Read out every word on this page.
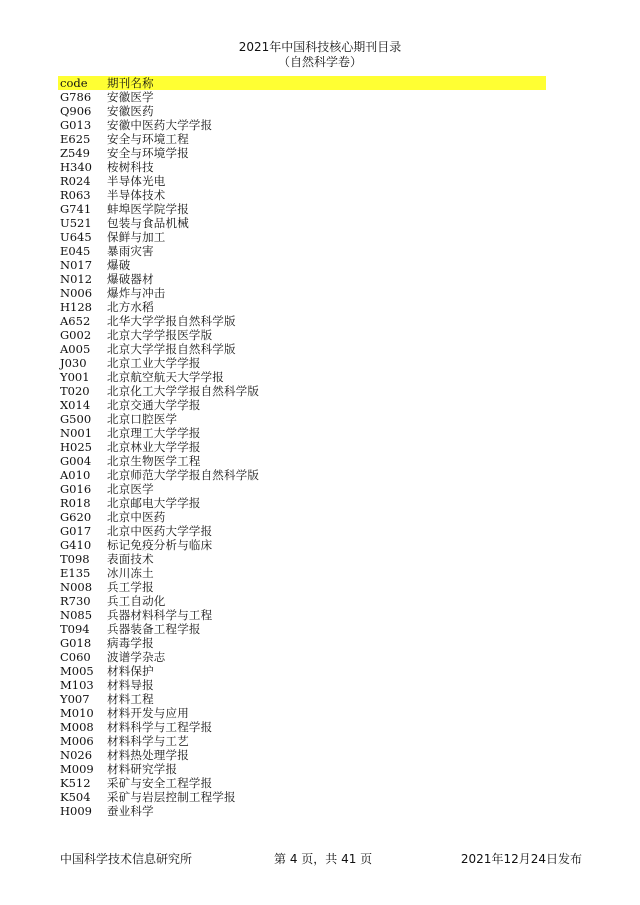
2021年中国科技核心期刊目录
（自然科学卷）
code	期刊名称
G786	安徽医学
Q906	安徽医药
G013	安徽中医药大学学报
E625	安全与环境工程
Z549	安全与环境学报
H340	桉树科技
R024	半导体光电
R063	半导体技术
G741	蚌埠医学院学报
U521	包装与食品机械
U645	保鲜与加工
E045	暴雨灾害
N017	爆破
N012	爆破器材
N006	爆炸与冲击
H128	北方水稻
A652	北华大学学报自然科学版
G002	北京大学学报医学版
A005	北京大学学报自然科学版
J030	北京工业大学学报
Y001	北京航空航天大学学报
T020	北京化工大学学报自然科学版
X014	北京交通大学学报
G500	北京口腔医学
N001	北京理工大学学报
H025	北京林业大学学报
G004	北京生物医学工程
A010	北京师范大学学报自然科学版
G016	北京医学
R018	北京邮电大学学报
G620	北京中医药
G017	北京中医药大学学报
G410	标记免疫分析与临床
T098	表面技术
E135	冰川冻土
N008	兵工学报
R730	兵工自动化
N085	兵器材料科学与工程
T094	兵器装备工程学报
G018	病毒学报
C060	波谱学杂志
M005	材料保护
M103	材料导报
Y007	材料工程
M010	材料开发与应用
M008	材料科学与工程学报
M006	材料科学与工艺
N026	材料热处理学报
M009	材料研究学报
K512	采矿与安全工程学报
K504	采矿与岩层控制工程学报
H009	蚕业科学
中国科学技术信息研究所	第 4 页，共 41 页	2021年12月24日发布
